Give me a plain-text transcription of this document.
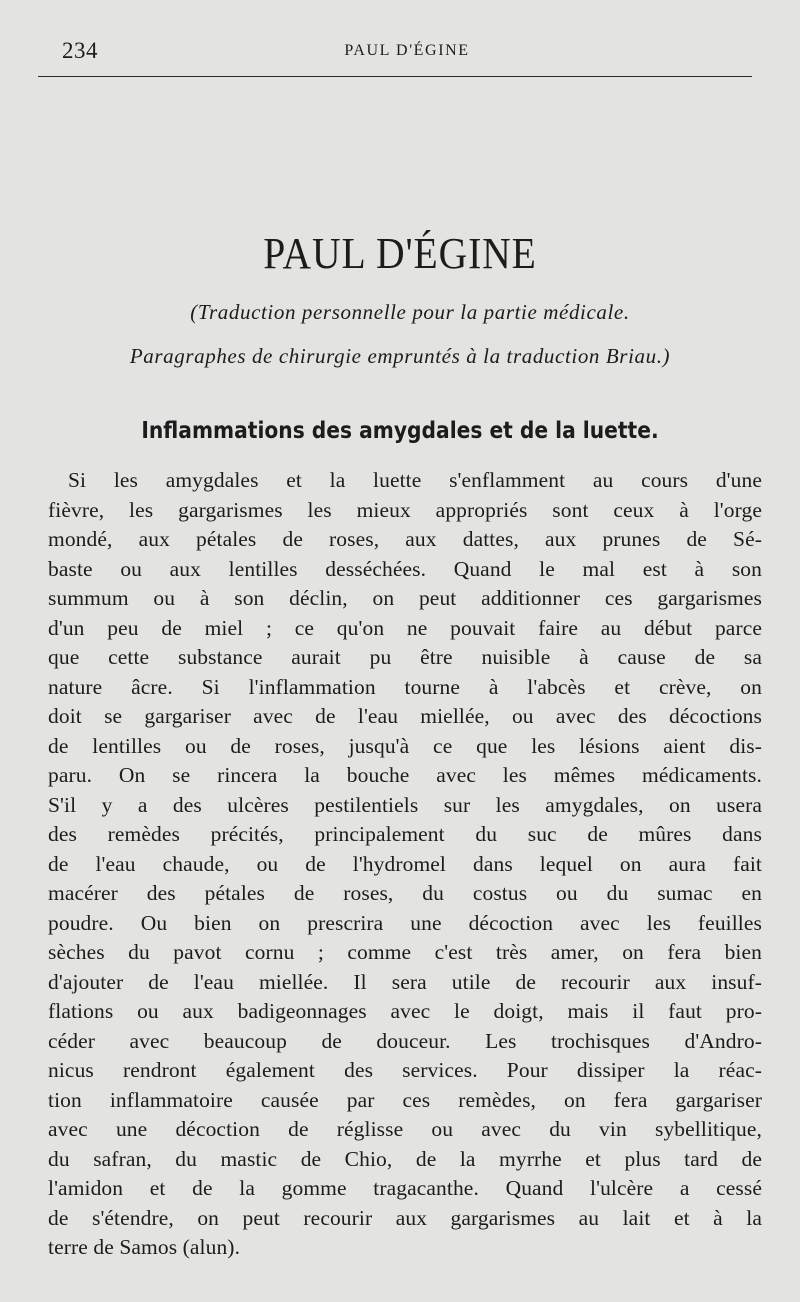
234	PAUL D'ÉGINE
PAUL D'ÉGINE
(Traduction personnelle pour la partie médicale.
Paragraphes de chirurgie empruntés à la traduction Briau.)
Inflammations des amygdales et de la luette.
Si les amygdales et la luette s'enflamment au cours d'une
fièvre, les gargarismes les mieux appropriés sont ceux à l'orge
mondé, aux pétales de roses, aux dattes, aux prunes de Sé-
baste ou aux lentilles desséchées. Quand le mal est à son
summum ou à son déclin, on peut additionner ces gargarismes
d'un peu de miel ; ce qu'on ne pouvait faire au début parce
que cette substance aurait pu être nuisible à cause de sa
nature âcre. Si l'inflammation tourne à l'abcès et crève, on
doit se gargariser avec de l'eau miellée, ou avec des décoctions
de lentilles ou de roses, jusqu'à ce que les lésions aient dis-
paru. On se rincera la bouche avec les mêmes médicaments.
S'il y a des ulcères pestilentiels sur les amygdales, on usera
des remèdes précités, principalement du suc de mûres dans
de l'eau chaude, ou de l'hydromel dans lequel on aura fait
macérer des pétales de roses, du costus ou du sumac en
poudre. Ou bien on prescrira une décoction avec les feuilles
sèches du pavot cornu ; comme c'est très amer, on fera bien
d'ajouter de l'eau miellée. Il sera utile de recourir aux insuf-
flations ou aux badigeonnages avec le doigt, mais il faut pro-
céder avec beaucoup de douceur. Les trochisques d'Andro-
nicus rendront également des services. Pour dissiper la réac-
tion inflammatoire causée par ces remèdes, on fera gargariser
avec une décoction de réglisse ou avec du vin sybellitique,
du safran, du mastic de Chio, de la myrrhe et plus tard de
l'amidon et de la gomme tragacanthe. Quand l'ulcère a cessé
de s'étendre, on peut recourir aux gargarismes au lait et à la
terre de Samos (alun).
